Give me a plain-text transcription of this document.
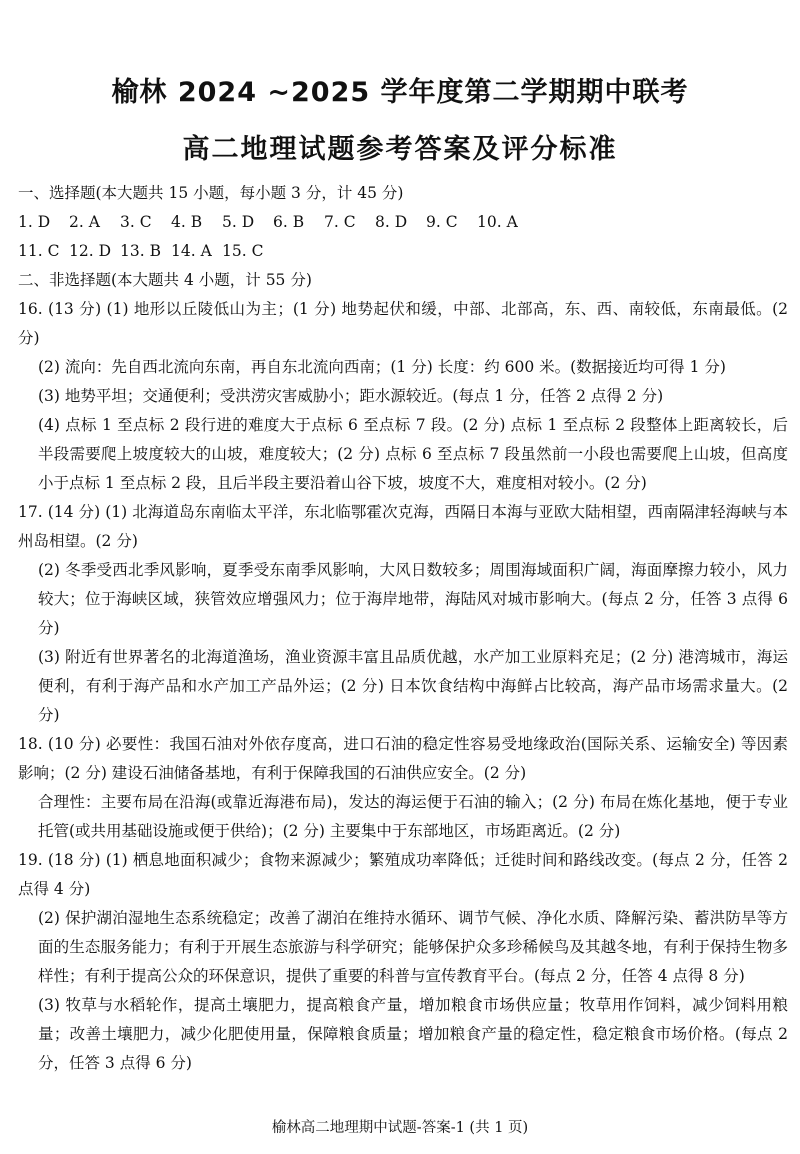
榆林 2024 ~2025 学年度第二学期期中联考
高二地理试题参考答案及评分标准
一、选择题(本大题共 15 小题，每小题 3 分，计 45 分)
1. D	2. A	3. C	4. B	5. D	6. B	7. C	8. D	9. C	10. A
11. C 12. D 13. B 14. A 15. C
二、非选择题(本大题共 4 小题，计 55 分)
16. (13 分) (1) 地形以丘陵低山为主；(1 分) 地势起伏和缓，中部、北部高，东、西、南较低，东南最低。(2 分)
(2) 流向：先自西北流向东南，再自东北流向西南；(1 分) 长度：约 600 米。(数据接近均可得 1 分)
(3) 地势平坦；交通便利；受洪涝灾害威胁小；距水源较近。(每点 1 分，任答 2 点得 2 分)
(4) 点标 1 至点标 2 段行进的难度大于点标 6 至点标 7 段。(2 分) 点标 1 至点标 2 段整体上距离较长，后半段需要爬上坡度较大的山坡，难度较大；(2 分) 点标 6 至点标 7 段虽然前一小段也需要爬上山坡，但高度小于点标 1 至点标 2 段，且后半段主要沿着山谷下坡，坡度不大，难度相对较小。(2 分)
17. (14 分) (1) 北海道岛东南临太平洋，东北临鄂霍次克海，西隔日本海与亚欧大陆相望，西南隔津轻海峡与本州岛相望。(2 分)
(2) 冬季受西北季风影响，夏季受东南季风影响，大风日数较多；周围海域面积广阔，海面摩擦力较小，风力较大；位于海峡区域，狭管效应增强风力；位于海岸地带，海陆风对城市影响大。(每点 2 分，任答 3 点得 6 分)
(3) 附近有世界著名的北海道渔场，渔业资源丰富且品质优越，水产加工业原料充足；(2 分) 港湾城市，海运便利，有利于海产品和水产加工产品外运；(2 分) 日本饮食结构中海鲜占比较高，海产品市场需求量大。(2 分)
18. (10 分) 必要性：我国石油对外依存度高，进口石油的稳定性容易受地缘政治(国际关系、运输安全) 等因素影响；(2 分) 建设石油储备基地，有利于保障我国的石油供应安全。(2 分)
合理性：主要布局在沿海(或靠近海港布局)，发达的海运便于石油的输入；(2 分) 布局在炼化基地，便于专业托管(或共用基础设施或便于供给)；(2 分) 主要集中于东部地区，市场距离近。(2 分)
19. (18 分) (1) 栖息地面积减少；食物来源减少；繁殖成功率降低；迁徙时间和路线改变。(每点 2 分，任答 2 点得 4 分)
(2) 保护湖泊湿地生态系统稳定；改善了湖泊在维持水循环、调节气候、净化水质、降解污染、蓄洪防旱等方面的生态服务能力；有利于开展生态旅游与科学研究；能够保护众多珍稀候鸟及其越冬地，有利于保持生物多样性；有利于提高公众的环保意识，提供了重要的科普与宣传教育平台。(每点 2 分，任答 4 点得 8 分)
(3) 牧草与水稻轮作，提高土壤肥力，提高粮食产量，增加粮食市场供应量；牧草用作饲料，减少饲料用粮量；改善土壤肥力，减少化肥使用量，保障粮食质量；增加粮食产量的稳定性，稳定粮食市场价格。(每点 2 分，任答 3 点得 6 分)
榆林高二地理期中试题-答案-1 (共 1 页)
